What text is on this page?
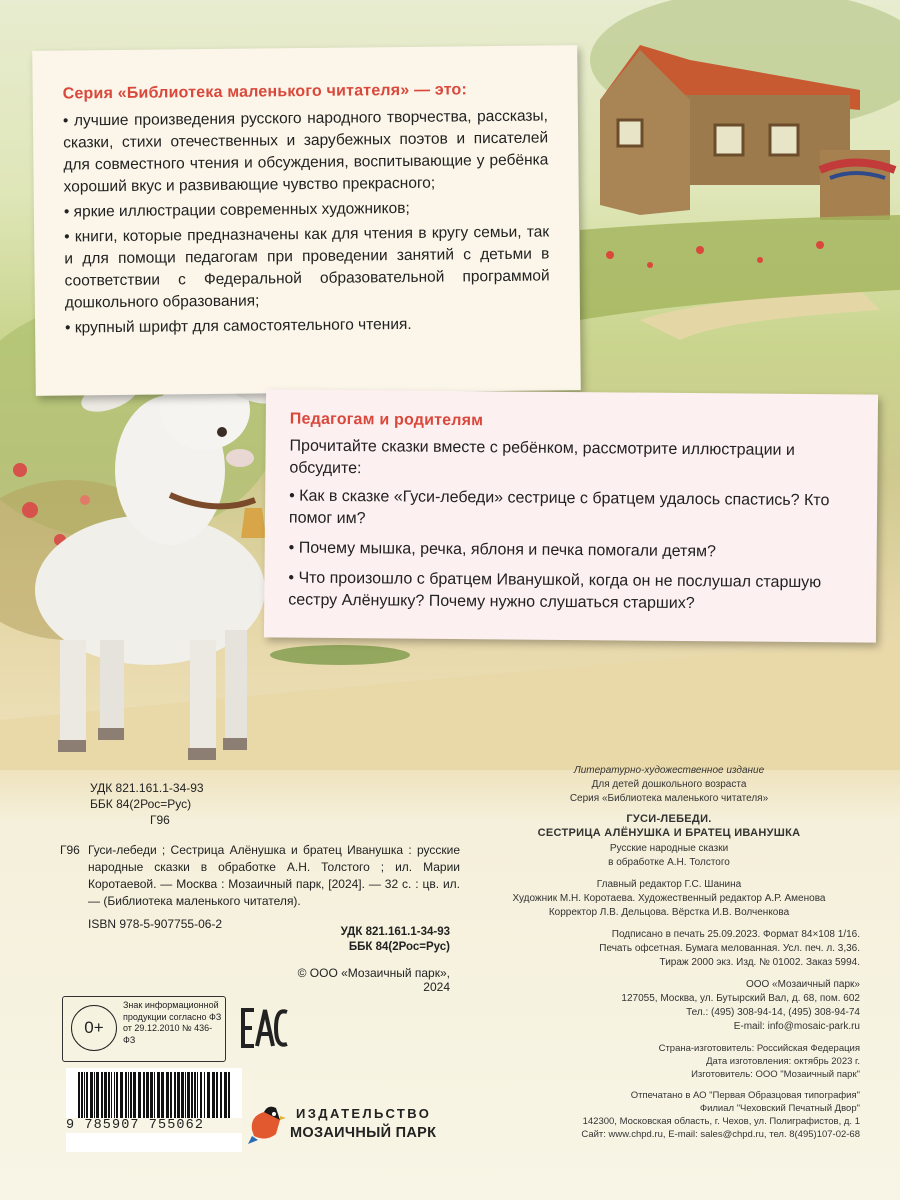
Серия «Библиотека маленького читателя» — это:
• лучшие произведения русского народного творчества, рассказы, сказки, стихи отечественных и зарубежных поэтов и писателей для совместного чтения и обсуждения, воспитывающие у ребёнка хороший вкус и развивающие чувство прекрасного;
• яркие иллюстрации современных художников;
• книги, которые предназначены как для чтения в кругу семьи, так и для помощи педагогам при проведении занятий с детьми в соответствии с Федеральной образовательной программой дошкольного образования;
• крупный шрифт для самостоятельного чтения.
Педагогам и родителям
Прочитайте сказки вместе с ребёнком, рассмотрите иллюстрации и обсудите:
• Как в сказке «Гуси-лебеди» сестрице с братцем удалось спастись? Кто помог им?
• Почему мышка, речка, яблоня и печка помогали детям?
• Что произошло с братцем Иванушкой, когда он не послушал старшую сестру Алёнушку? Почему нужно слушаться старших?
УДК 821.161.1-34-93
ББК 84(2Рос=Рус)
Г96
Г96 Гуси-лебеди ; Сестрица Алёнушка и братец Иванушка : русские народные сказки в обработке А.Н. Толстого ; ил. Марии Коротаевой. — Москва : Мозаичный парк, [2024]. — 32 с. : цв. ил. — (Библиотека маленького читателя).
ISBN 978-5-907755-06-2
УДК 821.161.1-34-93
ББК 84(2Рос=Рус)
© ООО «Мозаичный парк», 2024
0+
Знак информационной продукции согласно ФЗ от 29.12.2010 № 436-ФЗ
9 785907 755062
ИЗДАТЕЛЬСТВО
МОЗАИЧНЫЙ ПАРК
Литературно-художественное издание
Для детей дошкольного возраста
Серия «Библиотека маленького читателя»
ГУСИ-ЛЕБЕДИ.
СЕСТРИЦА АЛЁНУШКА И БРАТЕЦ ИВАНУШКА
Русские народные сказки
в обработке А.Н. Толстого
Главный редактор Г.С. Шанина
Художник М.Н. Коротаева. Художественный редактор А.Р. Аменова
Корректор Л.В. Дельцова. Вёрстка И.В. Волченкова
Подписано в печать 25.09.2023. Формат 84×108 1/16.
Печать офсетная. Бумага мелованная. Усл. печ. л. 3,36.
Тираж 2000 экз. Изд. № 01002. Заказ 5994.
ООО «Мозаичный парк»
127055, Москва, ул. Бутырский Вал, д. 68, пом. 602
Тел.: (495) 308-94-14, (495) 308-94-74
E-mail: info@mosaic-park.ru
Страна-изготовитель: Российская Федерация
Дата изготовления: октябрь 2023 г.
Изготовитель: ООО "Мозаичный парк"
Отпечатано в АО "Первая Образцовая типография"
Филиал "Чеховский Печатный Двор"
142300, Московская область, г. Чехов, ул. Полиграфистов, д. 1
Сайт: www.chpd.ru, E-mail: sales@chpd.ru, тел. 8(495)107-02-68
